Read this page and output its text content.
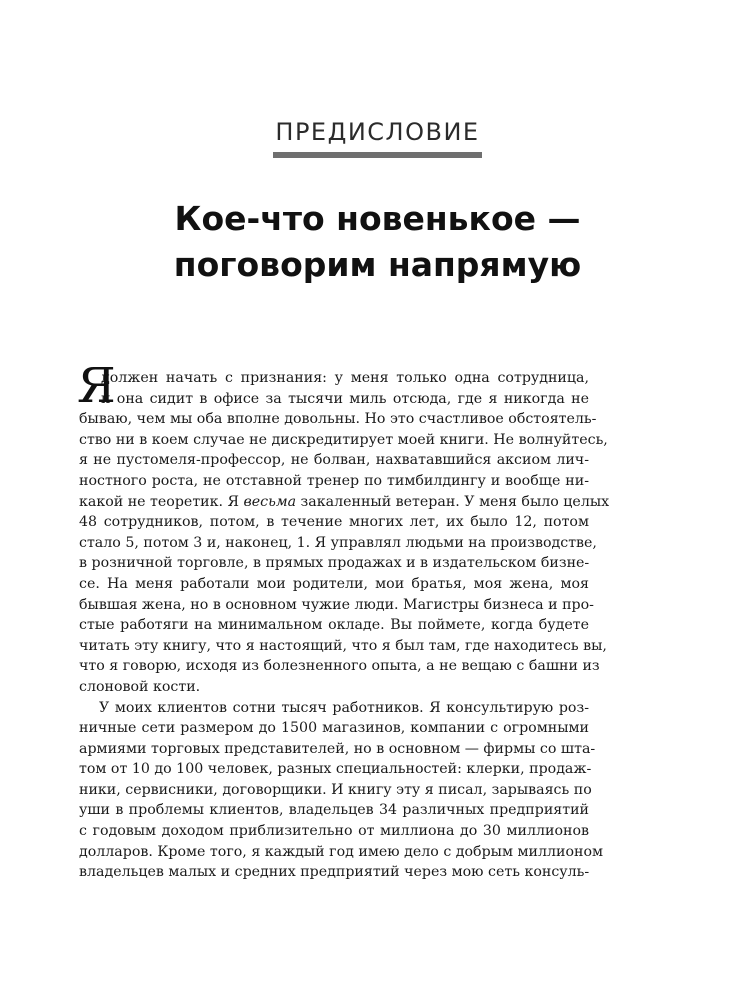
ПРЕДИСЛОВИЕ
Кое-что новенькое —
поговорим напрямую
Я
должен начать с признания: у меня только одна сотрудница,
и она сидит в офисе за тысячи миль отсюда, где я никогда не
бываю, чем мы оба вполне довольны. Но это счастливое обстоятель-
ство ни в коем случае не дискредитирует моей книги. Не волнуйтесь,
я не пустомеля-профессор, не болван, нахватавшийся аксиом лич-
ностного роста, не отставной тренер по тимбилдингу и вообще ни-
какой не теоретик. Я весьма закаленный ветеран. У меня было целых
48 сотрудников, потом, в течение многих лет, их было 12, потом
стало 5, потом 3 и, наконец, 1. Я управлял людьми на производстве,
в розничной торговле, в прямых продажах и в издательском бизне-
се. На меня работали мои родители, мои братья, моя жена, моя
бывшая жена, но в основном чужие люди. Магистры бизнеса и про-
стые работяги на минимальном окладе. Вы поймете, когда будете
читать эту книгу, что я настоящий, что я был там, где находитесь вы,
что я говорю, исходя из болезненного опыта, а не вещаю с башни из
слоновой кости.
У моих клиентов сотни тысяч работников. Я консультирую роз-
ничные сети размером до 1500 магазинов, компании с огромными
армиями торговых представителей, но в основном — фирмы со шта-
том от 10 до 100 человек, разных специальностей: клерки, продаж-
ники, сервисники, договорщики. И книгу эту я писал, зарываясь по
уши в проблемы клиентов, владельцев 34 различных предприятий
с годовым доходом приблизительно от миллиона до 30 миллионов
долларов. Кроме того, я каждый год имею дело с добрым миллионом
владельцев малых и средних предприятий через мою сеть консуль-
